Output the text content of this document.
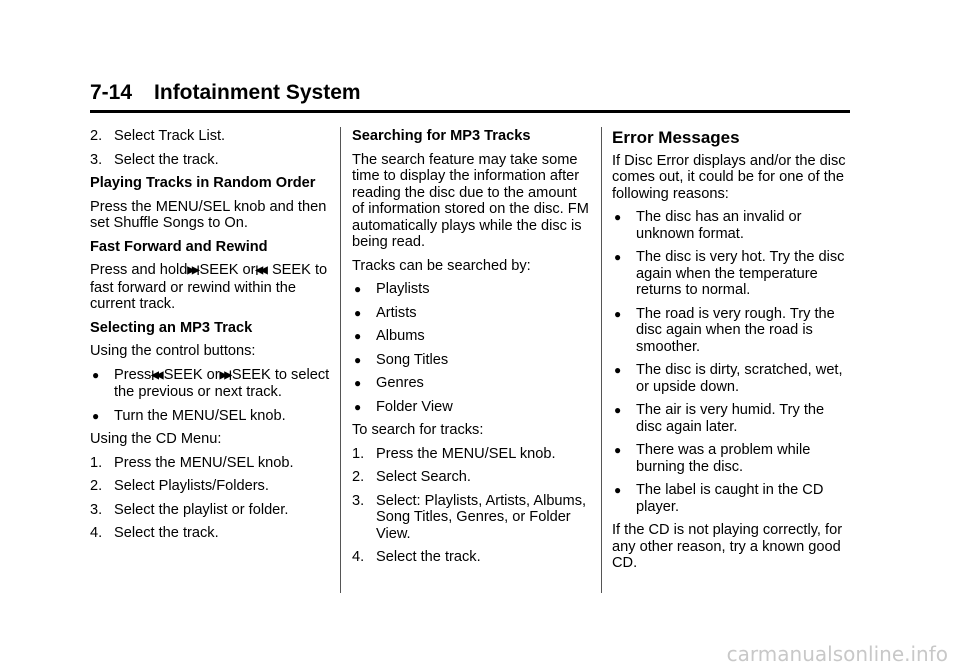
7-14 Infotainment System
2. Select Track List.
3. Select the track.
Playing Tracks in Random Order
Press the MENU/SEL knob and then set Shuffle Songs to On.
Fast Forward and Rewind
Press and hold▶▶| SEEK or|◀◀ SEEK to fast forward or rewind within the current track.
Selecting an MP3 Track
Using the control buttons:
●	Press|◀◀ SEEK or▶▶| SEEK to select the previous or next track.
●	Turn the MENU/SEL knob.
Using the CD Menu:
1. Press the MENU/SEL knob.
2. Select Playlists/Folders.
3. Select the playlist or folder.
4. Select the track.
Searching for MP3 Tracks
The search feature may take some time to display the information after reading the disc due to the amount of information stored on the disc. FM automatically plays while the disc is being read.
Tracks can be searched by:
●	Playlists
●	Artists
●	Albums
●	Song Titles
●	Genres
●	Folder View
To search for tracks:
1. Press the MENU/SEL knob.
2. Select Search.
3. Select: Playlists, Artists, Albums, Song Titles, Genres, or Folder View.
4. Select the track.
Error Messages
If Disc Error displays and/or the disc comes out, it could be for one of the following reasons:
●	The disc has an invalid or unknown format.
●	The disc is very hot. Try the disc again when the temperature returns to normal.
●	The road is very rough. Try the disc again when the road is smoother.
●	The disc is dirty, scratched, wet, or upside down.
●	The air is very humid. Try the disc again later.
●	There was a problem while burning the disc.
●	The label is caught in the CD player.
If the CD is not playing correctly, for any other reason, try a known good CD.
carmanualsonline.info
